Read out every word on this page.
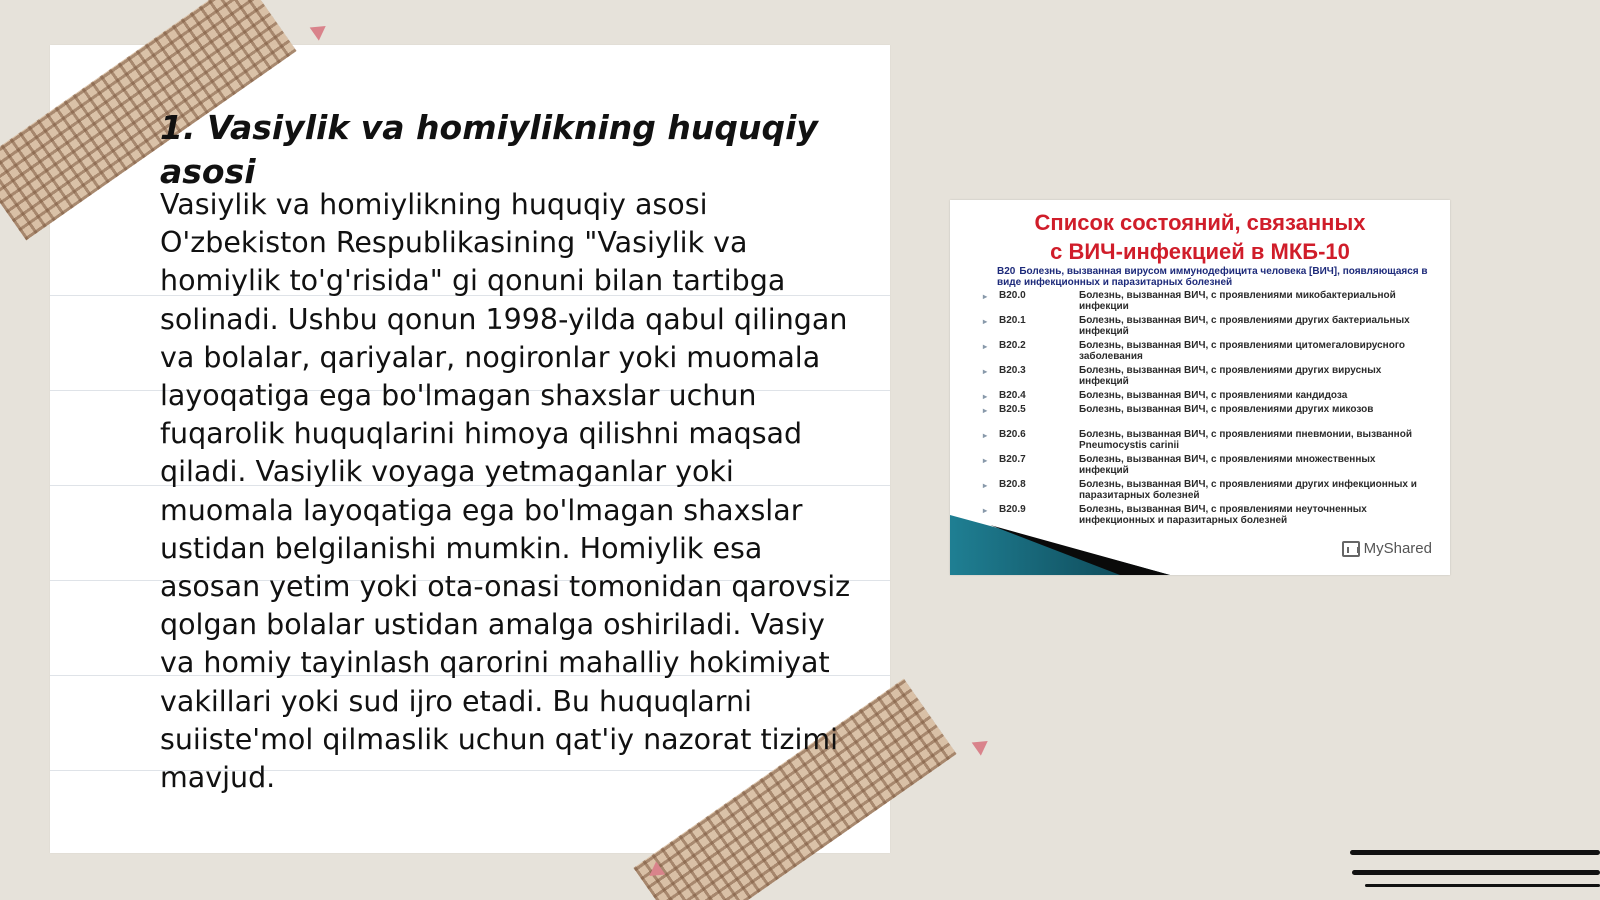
1. Vasiylik va homiylikning huquqiy asosi

Vasiylik va homiylikning huquqiy asosi O'zbekiston Respublikasining "Vasiylik va homiylik to'g'risida" gi qonuni bilan tartibga solinadi. Ushbu qonun 1998-yilda qabul qilingan va bolalar, qariyalar, nogironlar yoki muomala layoqatiga ega bo'lmagan shaxslar uchun fuqarolik huquqlarini himoya qilishni maqsad qiladi. Vasiylik voyaga yetmaganlar yoki muomala layoqatiga ega bo'lmagan shaxslar ustidan belgilanishi mumkin. Homiylik esa asosan yetim yoki ota-onasi tomonidan qarovsiz qolgan bolalar ustidan amalga oshiriladi. Vasiy va homiy tayinlash qarorini mahalliy hokimiyat vakillari yoki sud ijro etadi. Bu huquqlarni suiiste'mol qilmaslik uchun qat'iy nazorat tizimi mavjud.

Список состояний, связанных
с ВИЧ-инфекцией в МКБ-10
B20 Болезнь, вызванная вирусом иммунодефицита человека [ВИЧ], появляющаяся в виде инфекционных и паразитарных болезней
▸ B20.0	Болезнь, вызванная ВИЧ, с проявлениями микобактериальной инфекции
▸ B20.1	Болезнь, вызванная ВИЧ, с проявлениями других бактериальных инфекций
▸ B20.2	Болезнь, вызванная ВИЧ, с проявлениями цитомегаловирусного заболевания
▸ B20.3	Болезнь, вызванная ВИЧ, с проявлениями других вирусных инфекций
▸ B20.4	Болезнь, вызванная ВИЧ, с проявлениями кандидоза
▸ B20.5	Болезнь, вызванная ВИЧ, с проявлениями других микозов
▸ B20.6	Болезнь, вызванная ВИЧ, с проявлениями пневмонии, вызванной Pneumocystis carinii
▸ B20.7	Болезнь, вызванная ВИЧ, с проявлениями множественных инфекций
▸ B20.8	Болезнь, вызванная ВИЧ, с проявлениями других инфекционных и паразитарных болезней
▸ B20.9	Болезнь, вызванная ВИЧ, с проявлениями неуточненных инфекционных и паразитарных болезней
MyShared
